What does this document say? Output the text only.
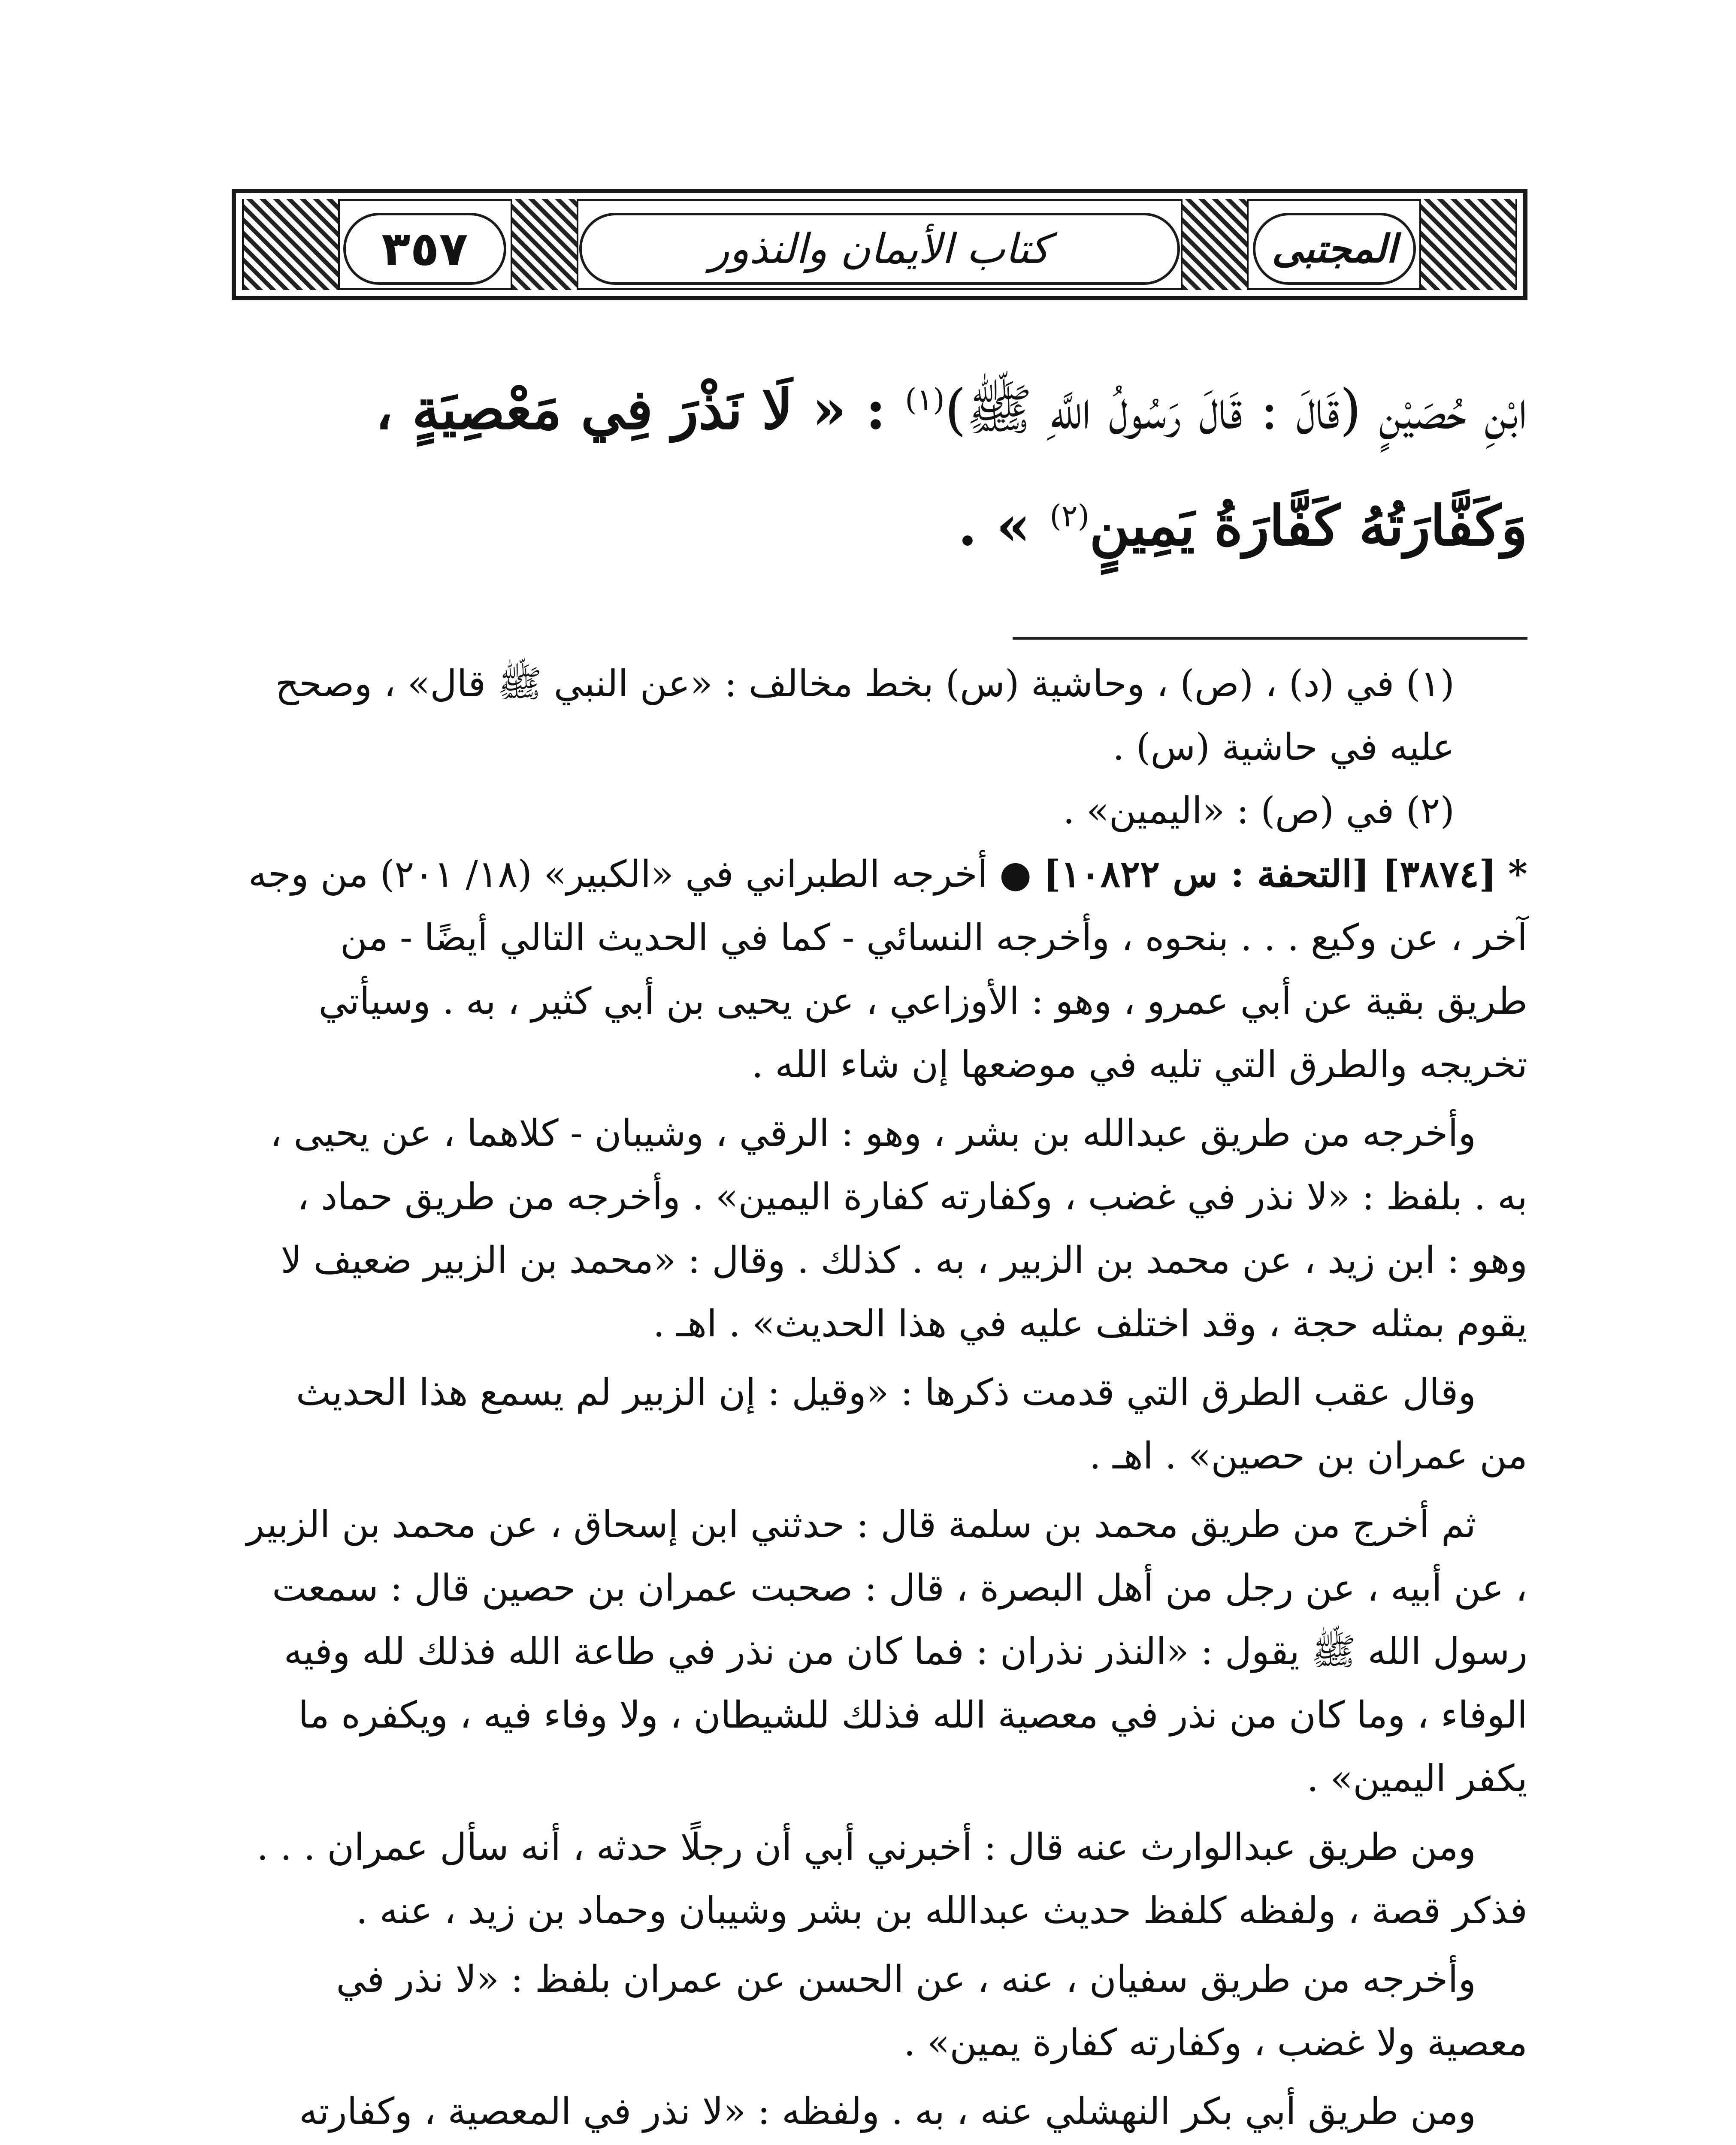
٣٥٧	كتاب الأيمان والنذور	المجتبى
ابْنِ حُصَيْنٍ (قَالَ : قَالَ رَسُولُ اللَّهِ ﷺ)$^{(١)}$ : « لَا نَذْرَ فِي مَعْصِيَةٍ ، وَكَفَّارَتُهُ كَفَّارَةُ يَمِينٍ$^{(٢)}$ » .

(١) في (د) ، (ص) ، وحاشية (س) بخط مخالف : «عن النبي ﷺ قال» ، وصحح عليه في حاشية (س) .

(٢) في (ص) : «اليمين» .

* [٣٨٧٤] [التحفة : س ١٠٨٢٢] ● أخرجه الطبراني في «الكبير» (١٨/ ٢٠١) من وجه آخر ، عن وكيع . . . بنحوه ، وأخرجه النسائي - كما في الحديث التالي أيضًا - من طريق بقية عن أبي عمرو ، وهو : الأوزاعي ، عن يحيى بن أبي كثير ، به . وسيأتي تخريجه والطرق التي تليه في موضعها إن شاء الله .

وأخرجه من طريق عبدالله بن بشر ، وهو : الرقي ، وشيبان - كلاهما ، عن يحيى ، به . بلفظ : «لا نذر في غضب ، وكفارته كفارة اليمين» . وأخرجه من طريق حماد ، وهو : ابن زيد ، عن محمد بن الزبير ، به . كذلك . وقال : «محمد بن الزبير ضعيف لا يقوم بمثله حجة ، وقد اختلف عليه في هذا الحديث» . اهـ .

وقال عقب الطرق التي قدمت ذكرها : «وقيل : إن الزبير لم يسمع هذا الحديث من عمران بن حصين» . اهـ .

ثم أخرج من طريق محمد بن سلمة قال : حدثني ابن إسحاق ، عن محمد بن الزبير ، عن أبيه ، عن رجل من أهل البصرة ، قال : صحبت عمران بن حصين قال : سمعت رسول الله ﷺ يقول : «النذر نذران : فما كان من نذر في طاعة الله فذلك لله وفيه الوفاء ، وما كان من نذر في معصية الله فذلك للشيطان ، ولا وفاء فيه ، ويكفره ما يكفر اليمين» .

ومن طريق عبدالوارث عنه قال : أخبرني أبي أن رجلًا حدثه ، أنه سأل عمران . . . فذكر قصة ، ولفظه كلفظ حديث عبدالله بن بشر وشيبان وحماد بن زيد ، عنه .

وأخرجه من طريق سفيان ، عنه ، عن الحسن عن عمران بلفظ : «لا نذر في معصية ولا غضب ، وكفارته كفارة يمين» .

ومن طريق أبي بكر النهشلي عنه ، به . ولفظه : «لا نذر في المعصية ، وكفارته
